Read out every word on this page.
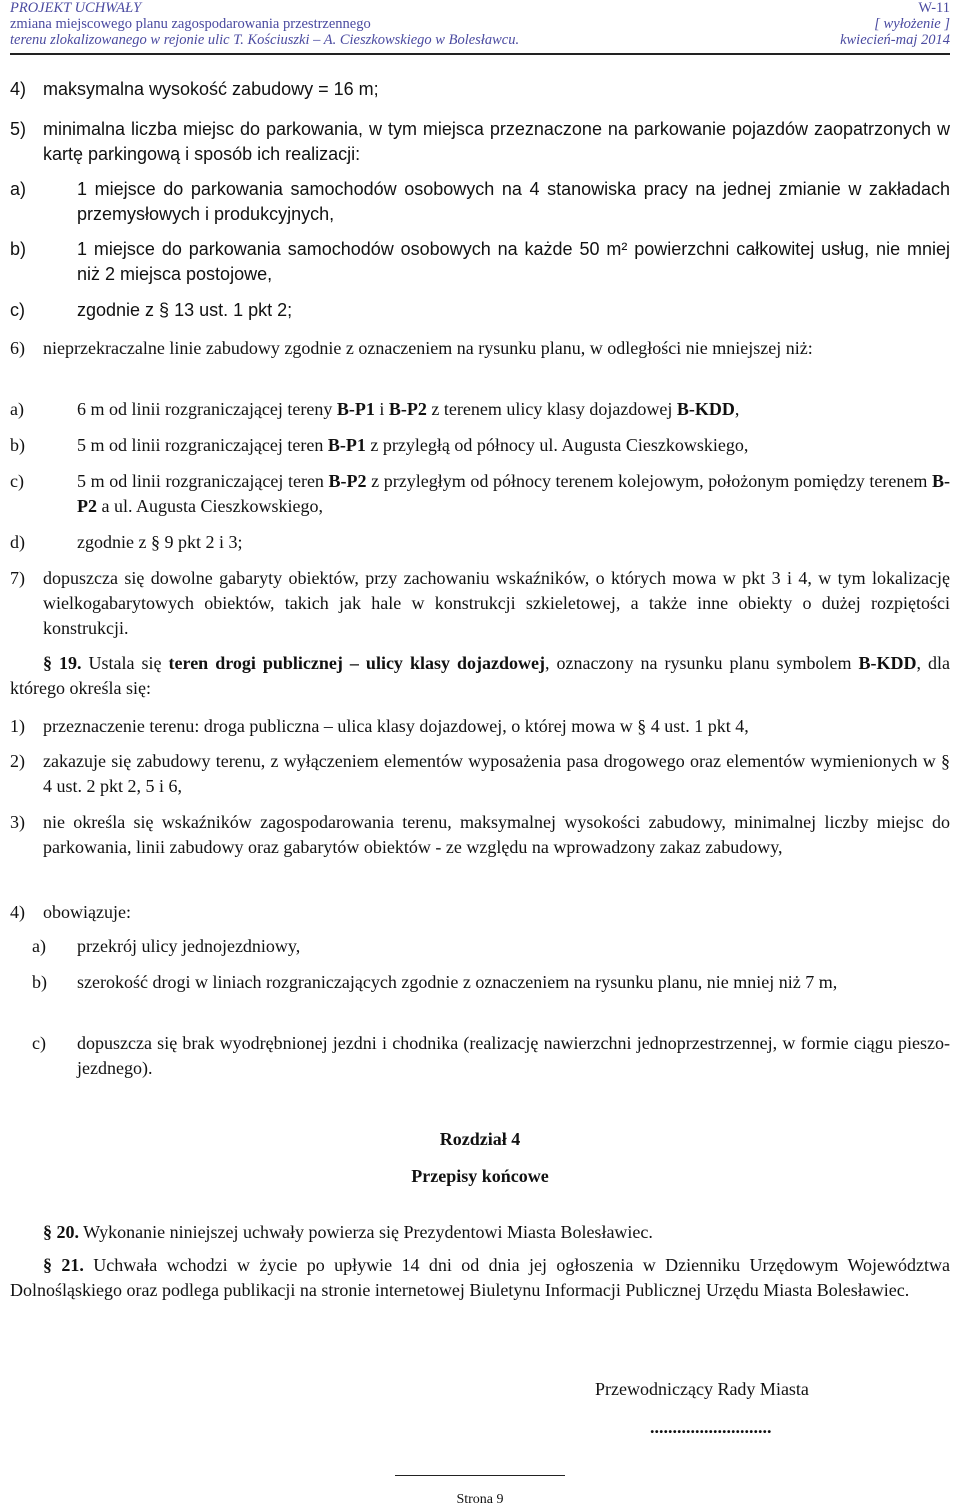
PROJEKT UCHWAŁY	W-11
zmiana miejscowego planu zagospodarowania przestrzennego	[ wyłożenie ]
terenu zlokalizowanego w rejonie ulic T. Kościuszki – A. Cieszkowskiego w Bolesławcu.	kwiecień-maj 2014
4) maksymalna wysokość zabudowy = 16 m;
5) minimalna liczba miejsc do parkowania, w tym miejsca przeznaczone na parkowanie pojazdów zaopatrzonych w kartę parkingową i sposób ich realizacji:
a)	1 miejsce do parkowania samochodów osobowych na 4 stanowiska pracy na jednej zmianie w zakładach przemysłowych i produkcyjnych,
b)	1 miejsce do parkowania samochodów osobowych na każde 50 m² powierzchni całkowitej usług, nie mniej niż 2 miejsca postojowe,
c)	zgodnie z § 13 ust. 1 pkt 2;
6)	nieprzekraczalne linie zabudowy zgodnie z oznaczeniem na rysunku planu, w odległości nie mniejszej niż:
a)	6 m od linii rozgraniczającej tereny B-P1 i B-P2 z terenem ulicy klasy dojazdowej B-KDD,
b)	5 m od linii rozgraniczającej teren B-P1 z przyległą od północy ul. Augusta Cieszkowskiego,
c)	5 m od linii rozgraniczającej teren B-P2 z przyległym od północy terenem kolejowym, położonym pomiędzy terenem B-P2 a ul. Augusta Cieszkowskiego,
d)	zgodnie z § 9 pkt 2 i 3;
7)	dopuszcza się dowolne gabaryty obiektów, przy zachowaniu wskaźników, o których mowa w pkt 3 i 4, w tym lokalizację wielkogabarytowych obiektów, takich jak hale w konstrukcji szkieletowej, a także inne obiekty o dużej rozpiętości konstrukcji.
§ 19. Ustala się teren drogi publicznej – ulicy klasy dojazdowej, oznaczony na rysunku planu symbolem B-KDD, dla którego określa się:
1)	przeznaczenie terenu: droga publiczna – ulica klasy dojazdowej, o której mowa w § 4 ust. 1 pkt 4,
2)	zakazuje się zabudowy terenu, z wyłączeniem elementów wyposażenia pasa drogowego oraz elementów wymienionych w § 4 ust. 2 pkt 2, 5 i 6,
3)	nie określa się wskaźników zagospodarowania terenu, maksymalnej wysokości zabudowy, minimalnej liczby miejsc do parkowania, linii zabudowy oraz gabarytów obiektów - ze względu na wprowadzony zakaz zabudowy,
4)	obowiązuje:
a)	przekrój ulicy jednojezdniowy,
b)	szerokość drogi w liniach rozgraniczających zgodnie z oznaczeniem na rysunku planu, nie mniej niż 7 m,
c)	dopuszcza się brak wyodrębnionej jezdni i chodnika (realizację nawierzchni jednoprzestrzennej, w formie ciągu pieszo-jezdnego).
Rozdział 4
Przepisy końcowe
§ 20. Wykonanie niniejszej uchwały powierza się Prezydentowi Miasta Bolesławiec.
§ 21. Uchwała wchodzi w życie po upływie 14 dni od dnia jej ogłoszenia w Dzienniku Urzędowym Województwa Dolnośląskiego oraz podlega publikacji na stronie internetowej Biuletynu Informacji Publicznej Urzędu Miasta Bolesławiec.
Przewodniczący Rady Miasta
...........................
Strona 9
